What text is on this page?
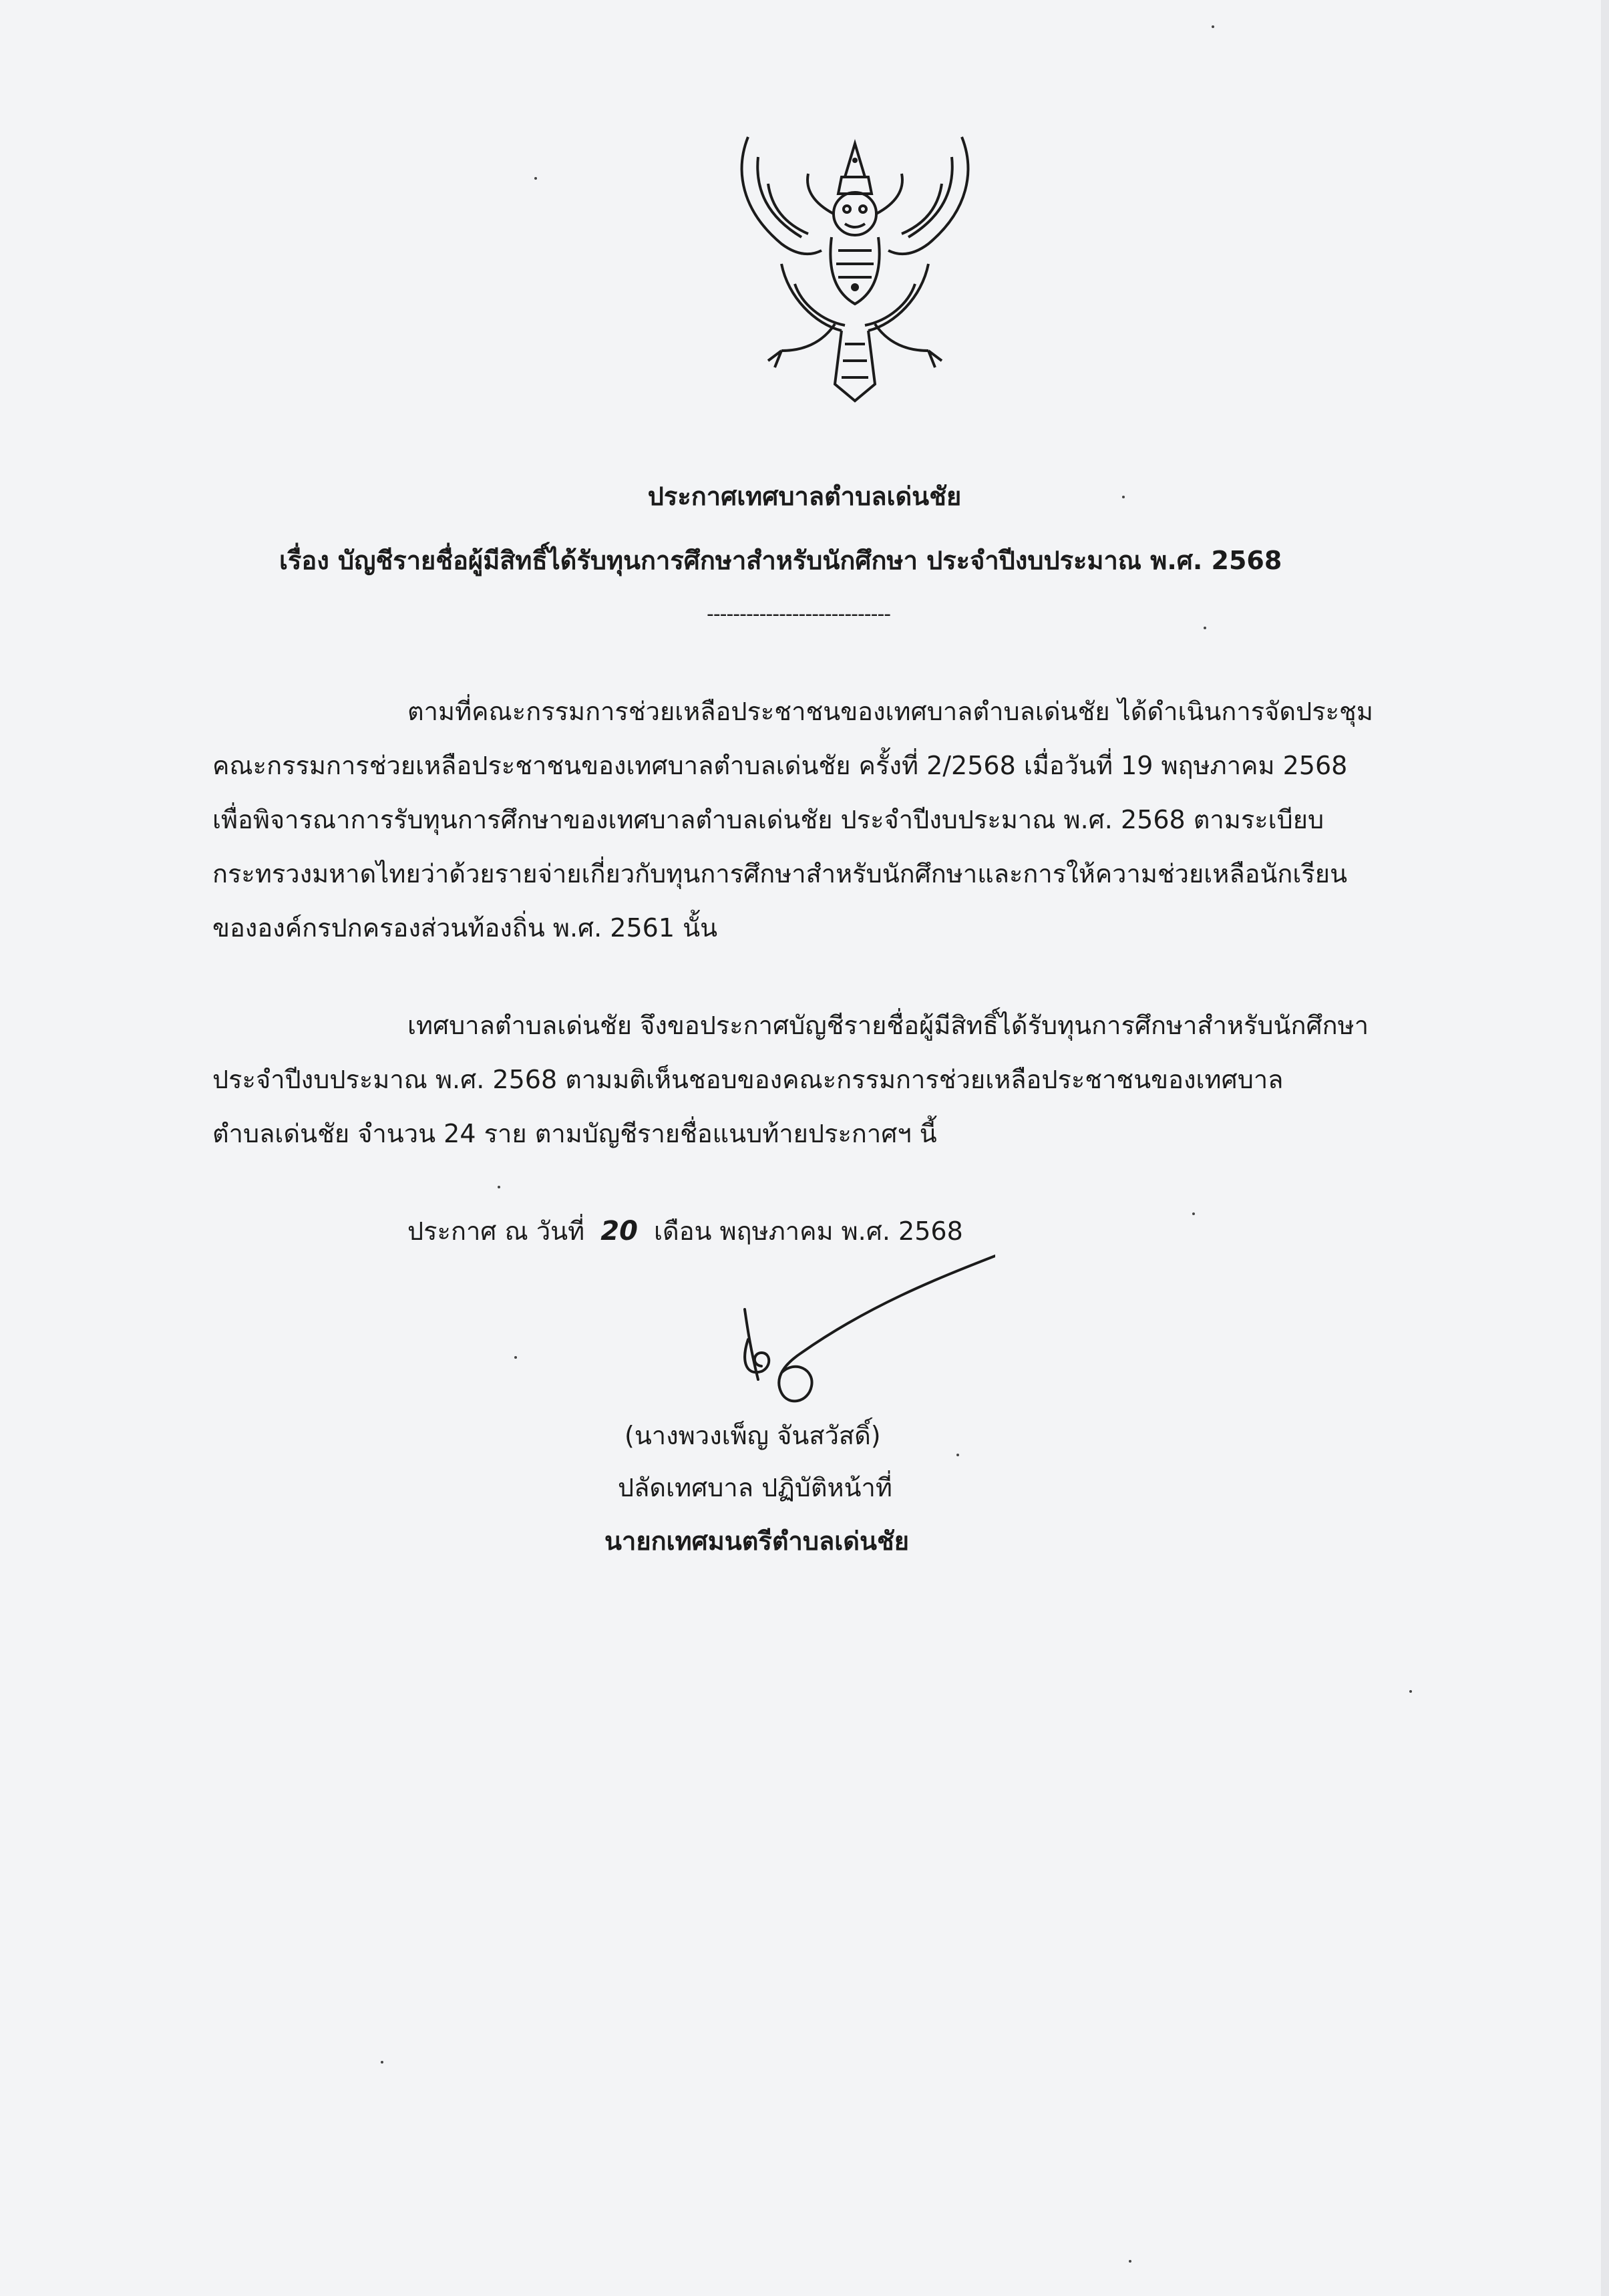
ประกาศเทศบาลตำบลเด่นชัย
เรื่อง บัญชีรายชื่อผู้มีสิทธิ์ได้รับทุนการศึกษาสำหรับนักศึกษา ประจำปีงบประมาณ พ.ศ. 2568
----------------------------
ตามที่คณะกรรมการช่วยเหลือประชาชนของเทศบาลตำบลเด่นชัย ได้ดำเนินการจัดประชุม
คณะกรรมการช่วยเหลือประชาชนของเทศบาลตำบลเด่นชัย ครั้งที่ 2/2568 เมื่อวันที่ 19 พฤษภาคม 2568
เพื่อพิจารณาการรับทุนการศึกษาของเทศบาลตำบลเด่นชัย ประจำปีงบประมาณ พ.ศ. 2568 ตามระเบียบ
กระทรวงมหาดไทยว่าด้วยรายจ่ายเกี่ยวกับทุนการศึกษาสำหรับนักศึกษาและการให้ความช่วยเหลือนักเรียน
ขององค์กรปกครองส่วนท้องถิ่น พ.ศ. 2561 นั้น
เทศบาลตำบลเด่นชัย จึงขอประกาศบัญชีรายชื่อผู้มีสิทธิ์ได้รับทุนการศึกษาสำหรับนักศึกษา
ประจำปีงบประมาณ พ.ศ. 2568 ตามมติเห็นชอบของคณะกรรมการช่วยเหลือประชาชนของเทศบาล
ตำบลเด่นชัย จำนวน 24 ราย ตามบัญชีรายชื่อแนบท้ายประกาศฯ นี้
ประกาศ ณ วันที่ 20 เดือน พฤษภาคม พ.ศ. 2568
(นางพวงเพ็ญ จันสวัสดิ์)
ปลัดเทศบาล ปฏิบัติหน้าที่
นายกเทศมนตรีตำบลเด่นชัย
